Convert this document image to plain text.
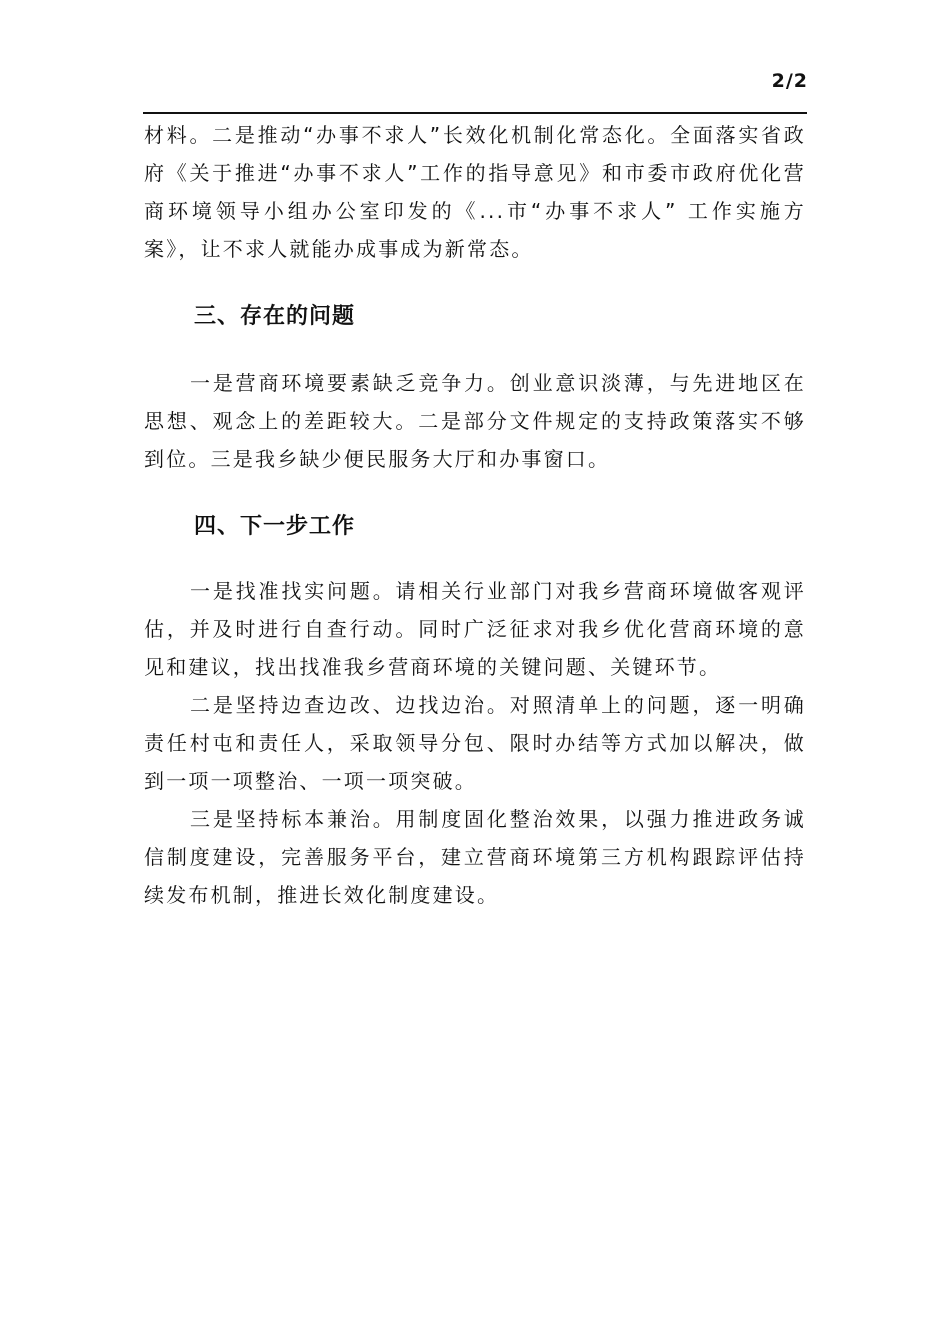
2/2

材料。二是推动“办事不求人”长效化机制化常态化。全面落实省政府《关于推进“办事不求人”工作的指导意见》和市委市政府优化营商环境领导小组办公室印发的《...市“办事不求人” 工作实施方案》，让不求人就能办成事成为新常态。

三、存在的问题

一是营商环境要素缺乏竞争力。创业意识淡薄，与先进地区在思想、观念上的差距较大。二是部分文件规定的支持政策落实不够到位。三是我乡缺少便民服务大厅和办事窗口。

四、下一步工作

一是找准找实问题。请相关行业部门对我乡营商环境做客观评估，并及时进行自查行动。同时广泛征求对我乡优化营商环境的意见和建议，找出找准我乡营商环境的关键问题、关键环节。

二是坚持边查边改、边找边治。对照清单上的问题，逐一明确责任村屯和责任人，采取领导分包、限时办结等方式加以解决，做到一项一项整治、一项一项突破。

三是坚持标本兼治。用制度固化整治效果，以强力推进政务诚信制度建设，完善服务平台，建立营商环境第三方机构跟踪评估持续发布机制，推进长效化制度建设。
